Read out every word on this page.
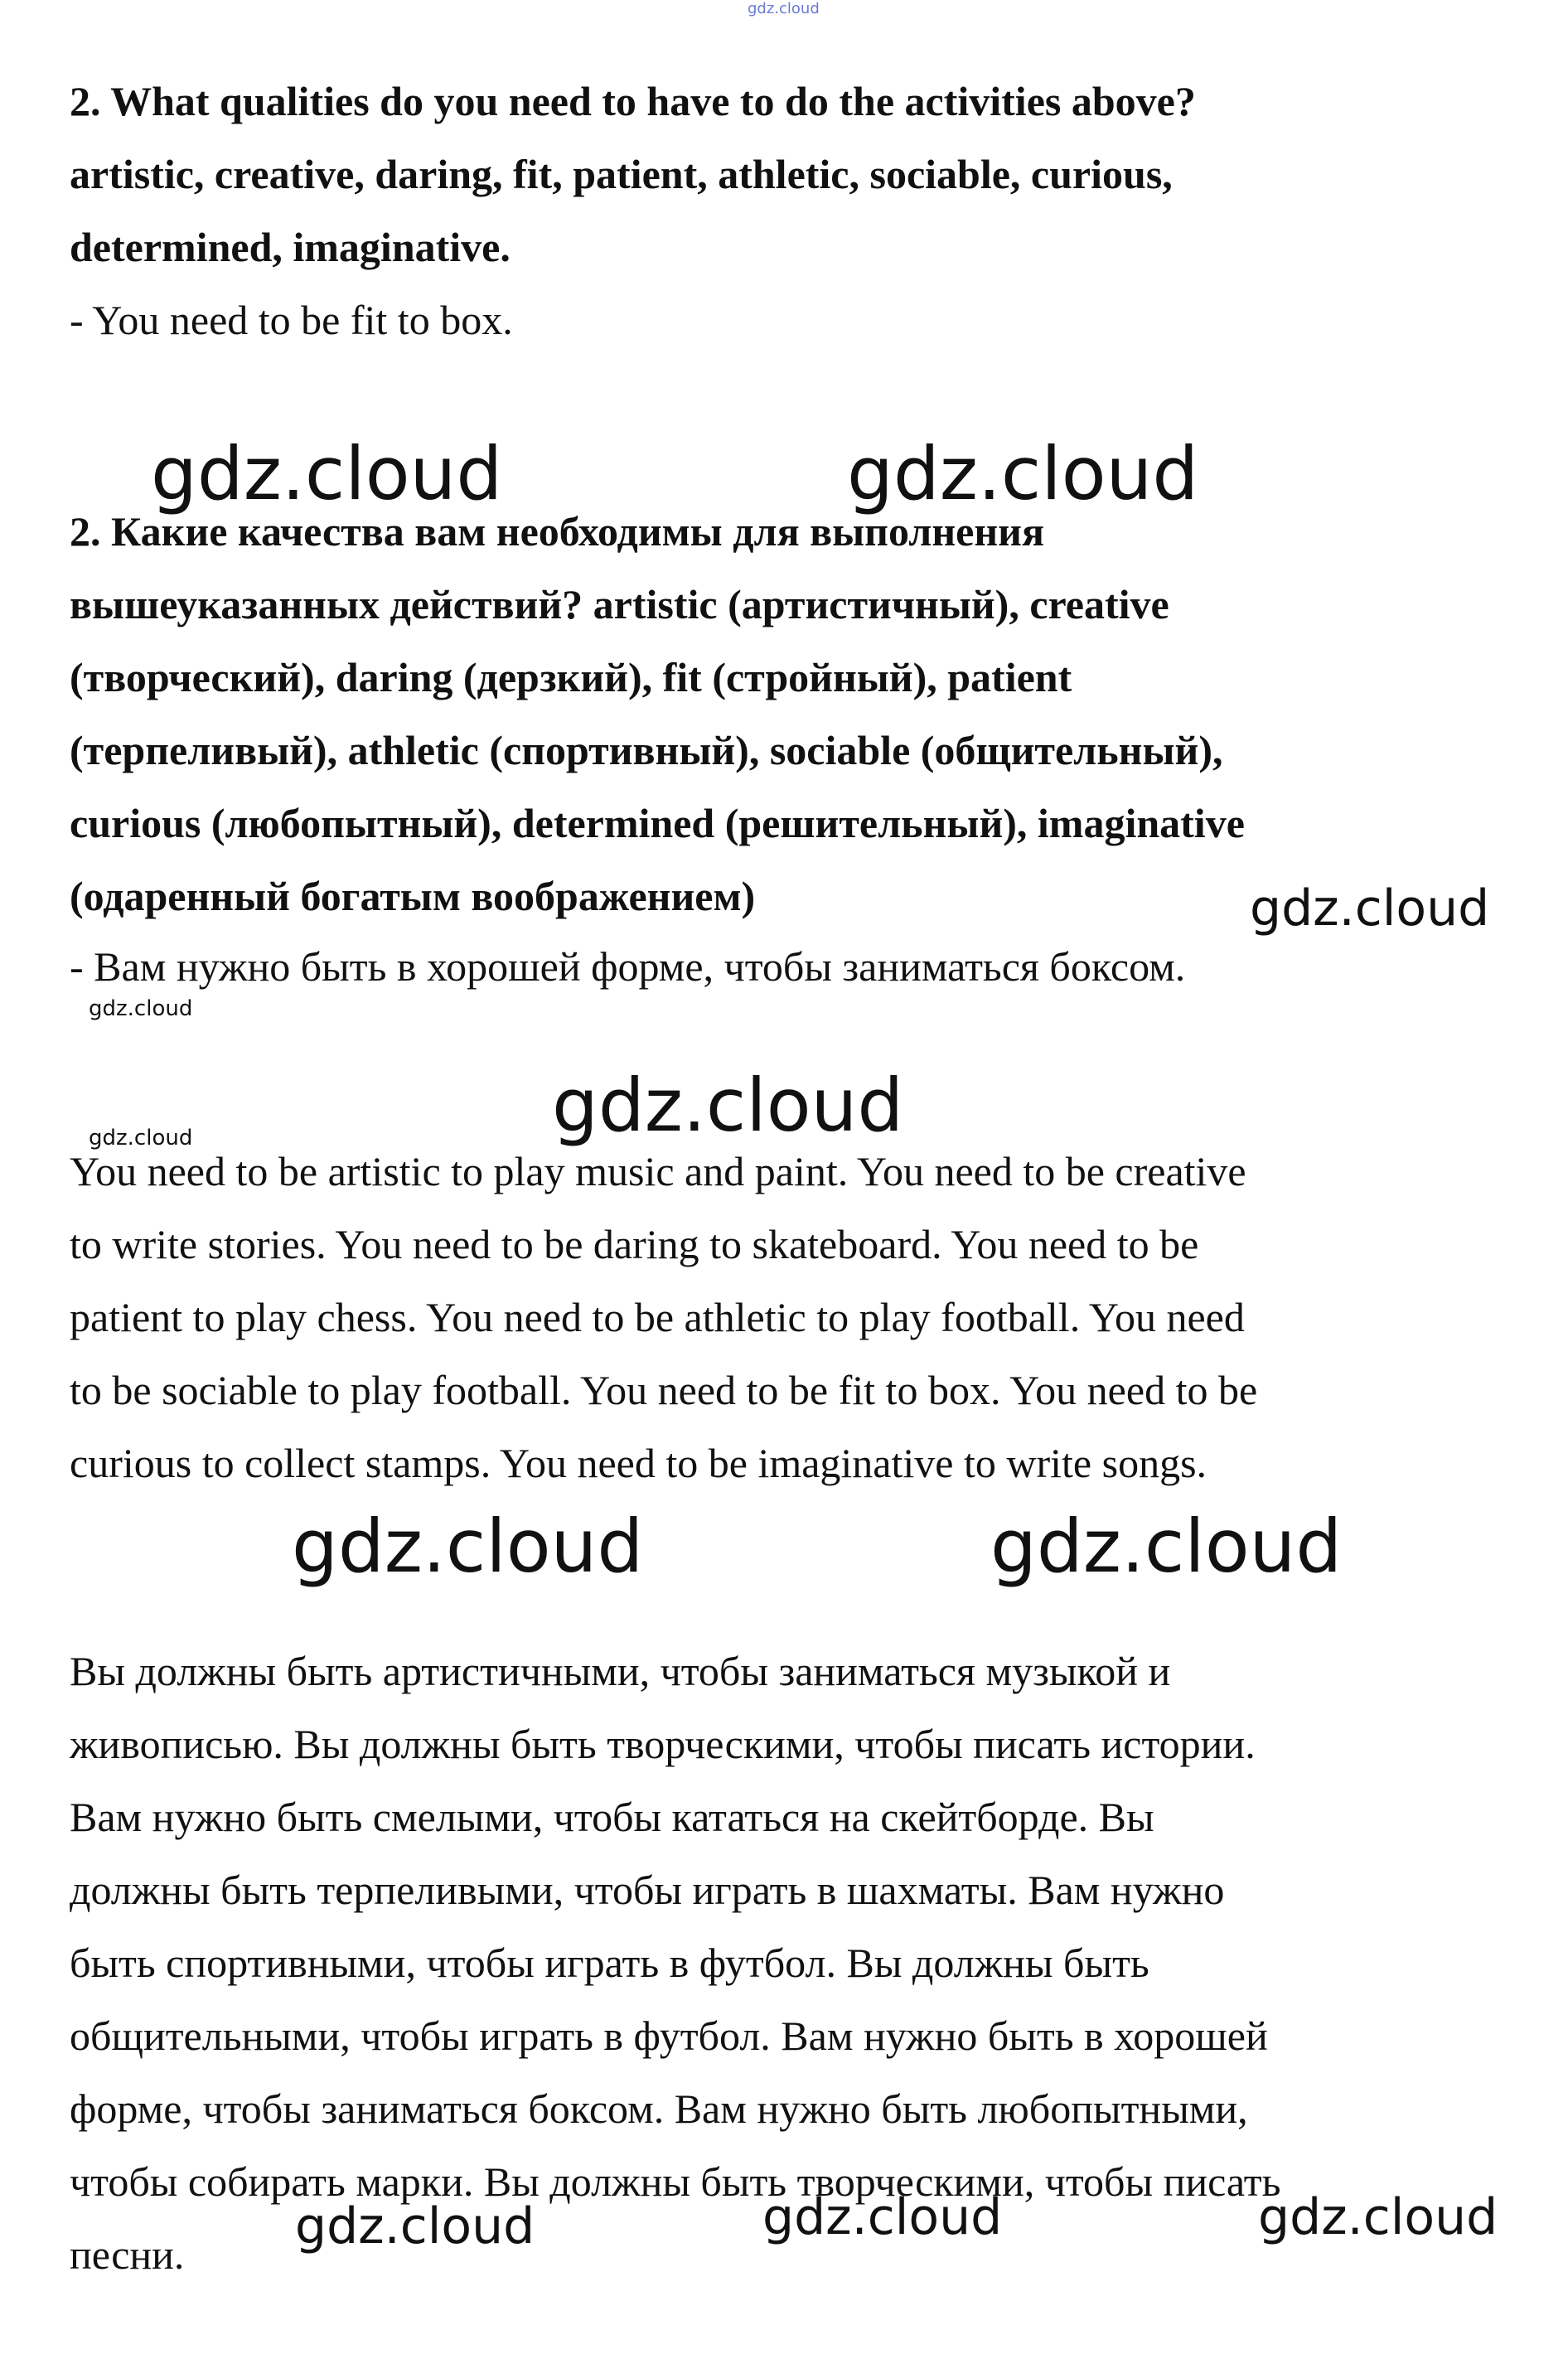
gdz.cloud
2. What qualities do you need to have to do the activities above?
artistic, creative, daring, fit, patient, athletic, sociable, curious,
determined, imaginative.
- You need to be fit to box.
gdz.cloud	gdz.cloud
2. Какие качества вам необходимы для выполнения
вышеуказанных действий? artistic (артистичный), creative
(творческий), daring (дерзкий), fit (стройный), patient
(терпеливый), athletic (спортивный), sociable (общительный),
curious (любопытный), determined (решительный), imaginative
(одаренный богатым воображением)	gdz.cloud
- Вам нужно быть в хорошей форме, чтобы заниматься боксом.
gdz.cloud
gdz.cloud
gdz.cloud
You need to be artistic to play music and paint. You need to be creative
to write stories. You need to be daring to skateboard. You need to be
patient to play chess. You need to be athletic to play football. You need
to be sociable to play football. You need to be fit to box. You need to be
curious to collect stamps. You need to be imaginative to write songs.
gdz.cloud	gdz.cloud
Вы должны быть артистичными, чтобы заниматься музыкой и
живописью. Вы должны быть творческими, чтобы писать истории.
Вам нужно быть смелыми, чтобы кататься на скейтборде. Вы
должны быть терпеливыми, чтобы играть в шахматы. Вам нужно
быть спортивными, чтобы играть в футбол. Вы должны быть
общительными, чтобы играть в футбол. Вам нужно быть в хорошей
форме, чтобы заниматься боксом. Вам нужно быть любопытными,
чтобы собирать марки. Вы должны быть творческими, чтобы писать
песни.	gdz.cloud	gdz.cloud	gdz.cloud
